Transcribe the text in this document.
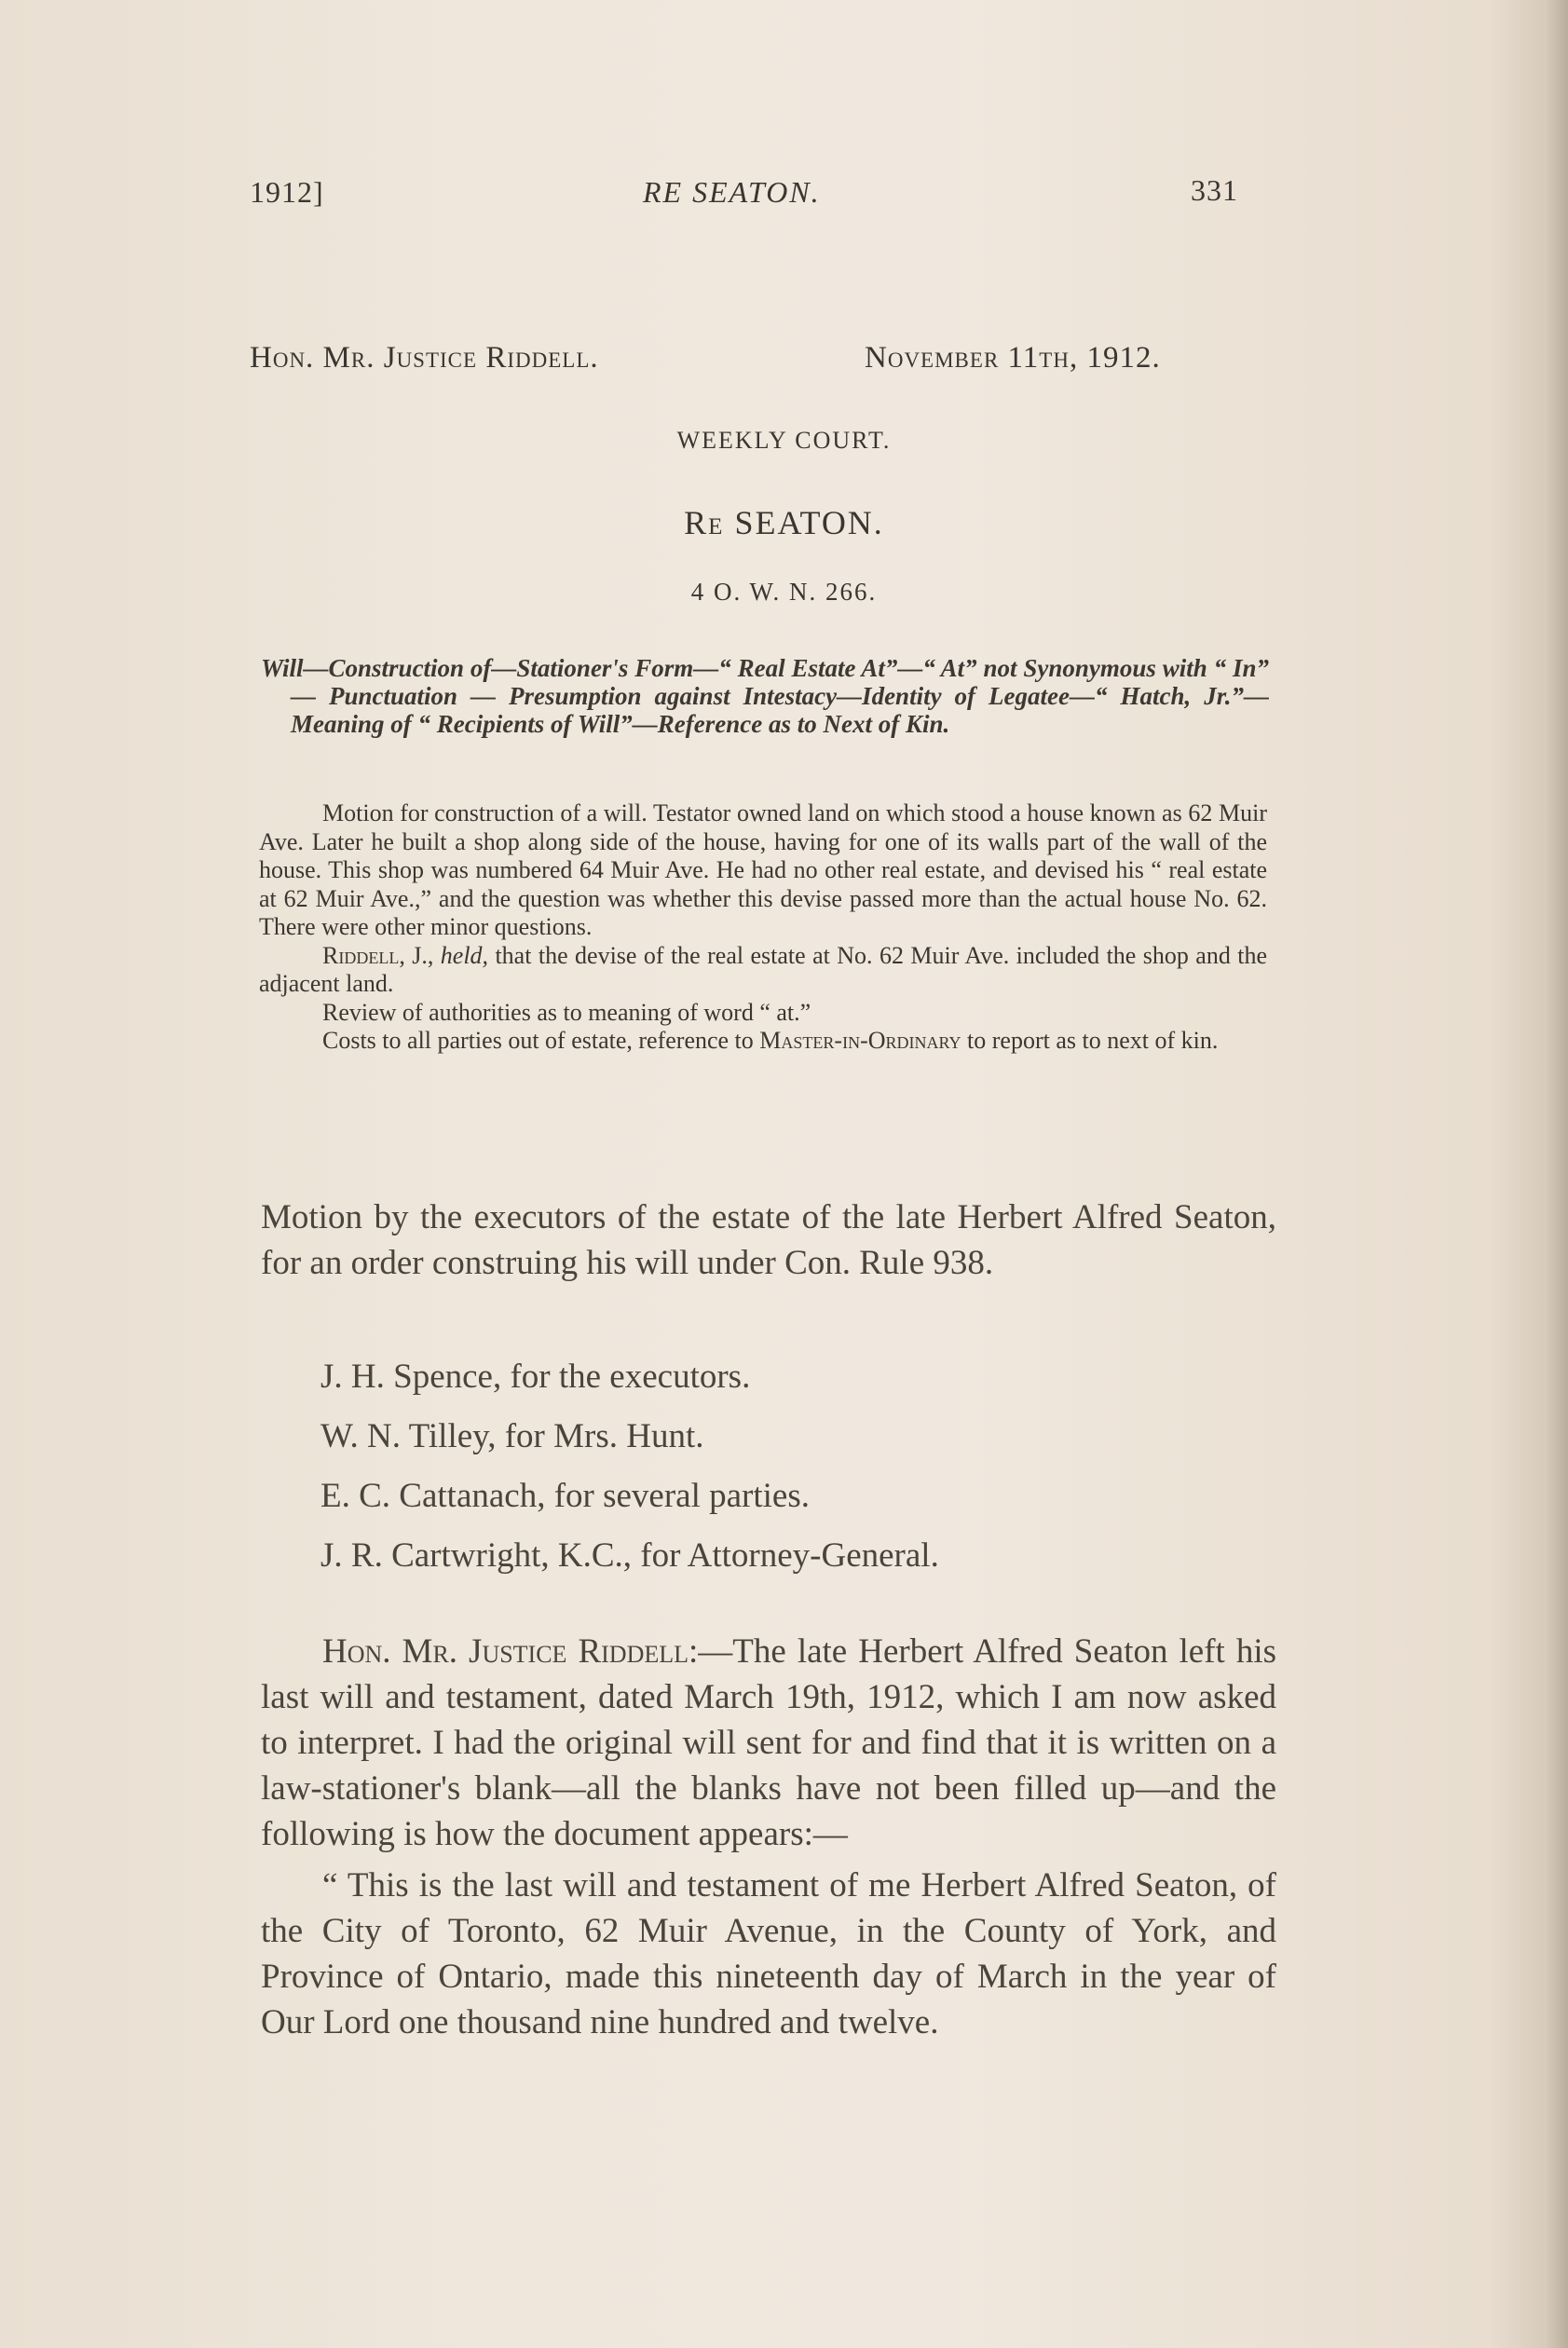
1912]	RE SEATON.	331
Hon. Mr. Justice Riddell.	November 11th, 1912.
WEEKLY COURT.
Re SEATON.
4 O. W. N. 266.
Will—Construction of—Stationer's Form—“ Real Estate At”—“ At” not Synonymous with “ In” — Punctuation — Presumption against Intestacy—Identity of Legatee—“ Hatch, Jr.”—Meaning of “ Recipients of Will”—Reference as to Next of Kin.

Motion for construction of a will. Testator owned land on which stood a house known as 62 Muir Ave. Later he built a shop along side of the house, having for one of its walls part of the wall of the house. This shop was numbered 64 Muir Ave. He had no other real estate, and devised his “ real estate at 62 Muir Ave.,” and the question was whether this devise passed more than the actual house No. 62. There were other minor questions.

Riddell, J., held, that the devise of the real estate at No. 62 Muir Ave. included the shop and the adjacent land.

Review of authorities as to meaning of word “ at.”

Costs to all parties out of estate, reference to Master-in-Ordinary to report as to next of kin.

Motion by the executors of the estate of the late Herbert Alfred Seaton, for an order construing his will under Con. Rule 938.

J. H. Spence, for the executors.
W. N. Tilley, for Mrs. Hunt.
E. C. Cattanach, for several parties.
J. R. Cartwright, K.C., for Attorney-General.

Hon. Mr. Justice Riddell:—The late Herbert Alfred Seaton left his last will and testament, dated March 19th, 1912, which I am now asked to interpret. I had the original will sent for and find that it is written on a law-stationer's blank—all the blanks have not been filled up—and the following is how the document appears:—

“ This is the last will and testament of me Herbert Alfred Seaton, of the City of Toronto, 62 Muir Avenue, in the County of York, and Province of Ontario, made this nineteenth day of March in the year of Our Lord one thousand nine hundred and twelve.
